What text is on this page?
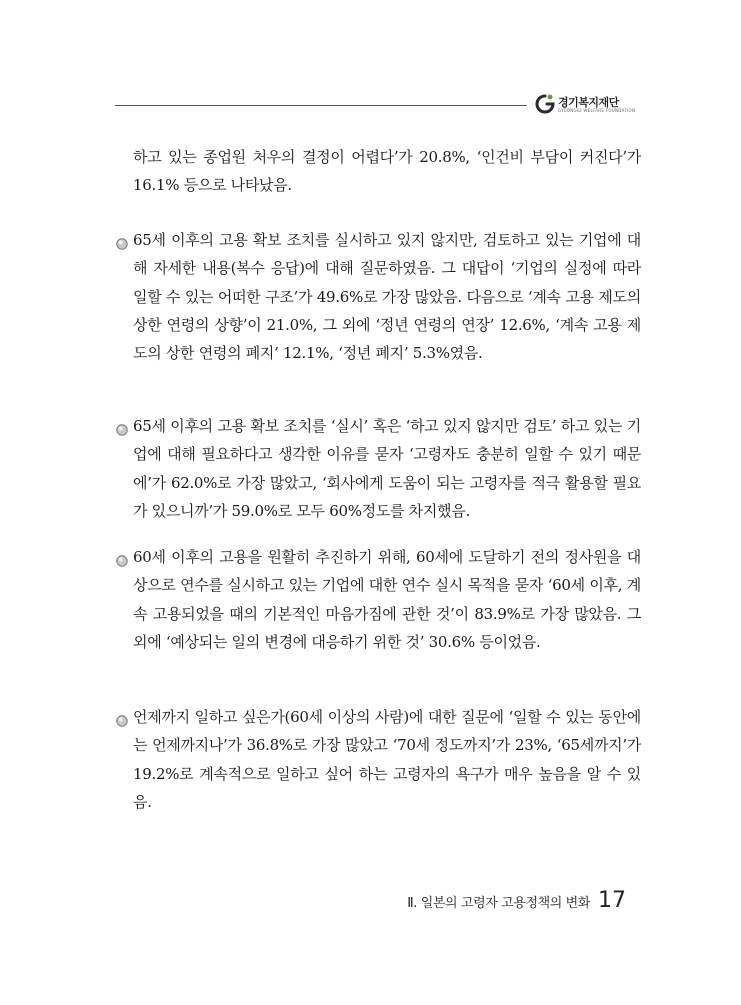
경기복지재단
GYEONGGI WELFARE FOUNDATION

하고 있는 종업원 처우의 결정이 어렵다’가 20.8%, ‘인건비 부담이 커진다’가 16.1% 등으로 나타났음.

65세 이후의 고용 확보 조치를 실시하고 있지 않지만, 검토하고 있는 기업에 대해 자세한 내용(복수 응답)에 대해 질문하였음. 그 대답이 ‘기업의 실정에 따라 일할 수 있는 어떠한 구조’가 49.6%로 가장 많았음. 다음으로 ‘계속 고용 제도의 상한 연령의 상향’이 21.0%, 그 외에 ‘정년 연령의 연장’ 12.6%, ‘계속 고용 제도의 상한 연령의 폐지’ 12.1%, ‘정년 폐지’ 5.3%였음.

65세 이후의 고용 확보 조치를 ‘실시’ 혹은 ‘하고 있지 않지만 검토’ 하고 있는 기업에 대해 필요하다고 생각한 이유를 묻자 ‘고령자도 충분히 일할 수 있기 때문에’가 62.0%로 가장 많았고, ‘회사에게 도움이 되는 고령자를 적극 활용할 필요가 있으니까’가 59.0%로 모두 60%정도를 차지했음.

60세 이후의 고용을 원활히 추진하기 위해, 60세에 도달하기 전의 정사원을 대상으로 연수를 실시하고 있는 기업에 대한 연수 실시 목적을 묻자 ‘60세 이후, 계속 고용되었을 때의 기본적인 마음가짐에 관한 것’이 83.9%로 가장 많았음. 그 외에 ‘예상되는 일의 변경에 대응하기 위한 것’ 30.6% 등이었음.

언제까지 일하고 싶은가(60세 이상의 사람)에 대한 질문에 ‘일할 수 있는 동안에는 언제까지나’가 36.8%로 가장 많았고 ‘70세 정도까지’가 23%, ‘65세까지’가 19.2%로 계속적으로 일하고 싶어 하는 고령자의 욕구가 매우 높음을 알 수 있음.

Ⅱ. 일본의 고령자 고용정책의 변화 17
